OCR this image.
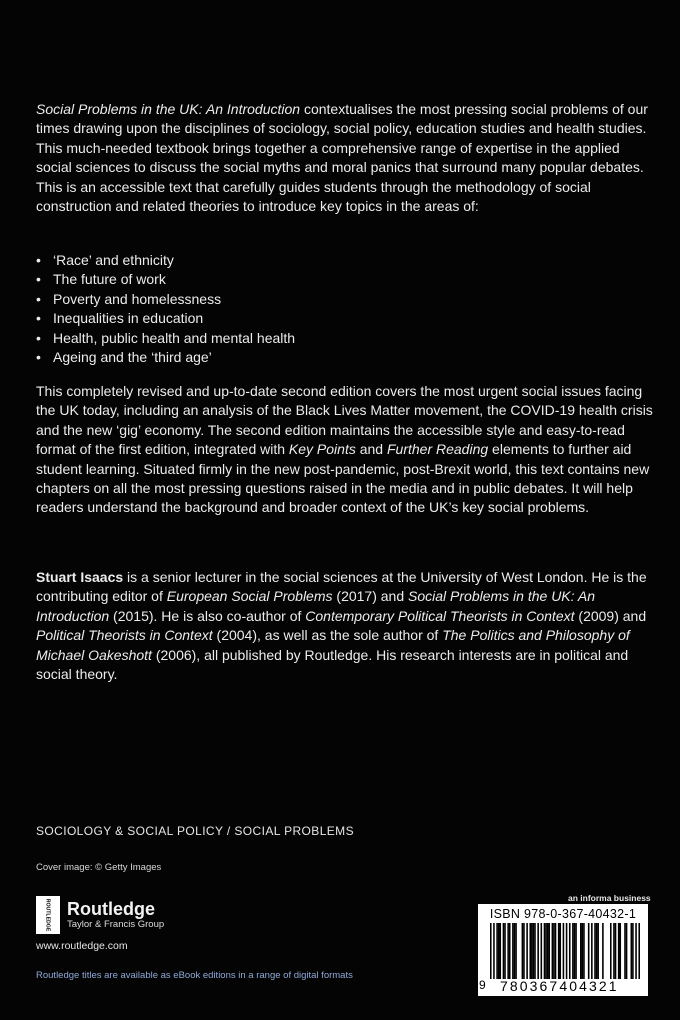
Social Problems in the UK: An Introduction contextualises the most pressing social problems of our times drawing upon the disciplines of sociology, social policy, education studies and health studies. This much-needed textbook brings together a comprehensive range of expertise in the applied social sciences to discuss the social myths and moral panics that surround many popular debates. This is an accessible text that carefully guides students through the methodology of social construction and related theories to introduce key topics in the areas of:

• ‘Race’ and ethnicity
• The future of work
• Poverty and homelessness
• Inequalities in education
• Health, public health and mental health
• Ageing and the ‘third age’

This completely revised and up-to-date second edition covers the most urgent social issues facing the UK today, including an analysis of the Black Lives Matter movement, the COVID-19 health crisis and the new ‘gig’ economy. The second edition maintains the accessible style and easy-to-read format of the first edition, integrated with Key Points and Further Reading elements to further aid student learning. Situated firmly in the new post-pandemic, post-Brexit world, this text contains new chapters on all the most pressing questions raised in the media and in public debates. It will help readers understand the background and broader context of the UK’s key social problems.

Stuart Isaacs is a senior lecturer in the social sciences at the University of West London. He is the contributing editor of European Social Problems (2017) and Social Problems in the UK: An Introduction (2015). He is also co-author of Contemporary Political Theorists in Context (2009) and Political Theorists in Context (2004), as well as the sole author of The Politics and Philosophy of Michael Oakeshott (2006), all published by Routledge. His research interests are in political and social theory.

SOCIOLOGY & SOCIAL POLICY / SOCIAL PROBLEMS
Cover image: © Getty Images
ROUTLEDGE Routledge
Taylor & Francis Group
www.routledge.com
Routledge titles are available as eBook editions in a range of digital formats
an informa business
ISBN 978-0-367-40432-1
9 780367404321
